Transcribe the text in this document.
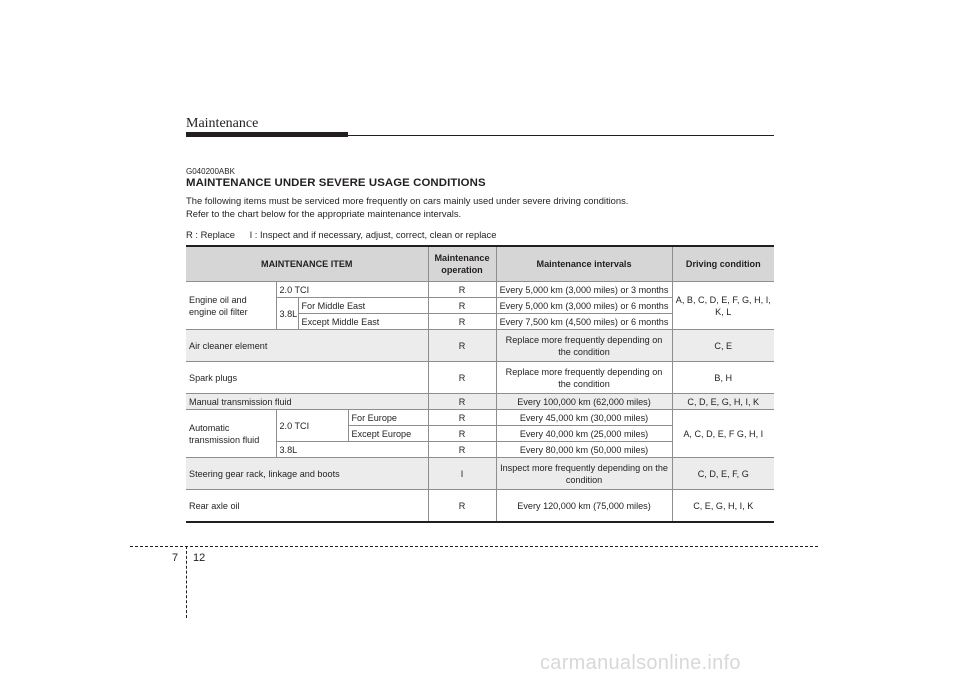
Maintenance
G040200ABK
MAINTENANCE UNDER SEVERE USAGE CONDITIONS
The following items must be serviced more frequently on cars mainly used under severe driving conditions.
Refer to the chart below for the appropriate maintenance intervals.
R : Replace I : Inspect and if necessary, adjust, correct, clean or replace
MAINTENANCE ITEM				Maintenance operation	Maintenance intervals	Driving condition
Engine oil and engine oil filter	2.0 TCI			R	Every 5,000 km (3,000 miles) or 3 months	A, B, C, D, E, F, G, H, I, K, L
	3.8L	For Middle East		R	Every 5,000 km (3,000 miles) or 6 months	
		Except Middle East		R	Every 7,500 km (4,500 miles) or 6 months	
Air cleaner element				R	Replace more frequently depending on the condition	C, E
Spark plugs				R	Replace more frequently depending on the condition	B, H
Manual transmission fluid				R	Every 100,000 km (62,000 miles)	C, D, E, G, H, I, K
Automatic transmission fluid	2.0 TCI		For Europe	R	Every 45,000 km (30,000 miles)	A, C, D, E, F G, H, I
			Except Europe	R	Every 40,000 km (25,000 miles)	
	3.8L			R	Every 80,000 km (50,000 miles)	
Steering gear rack, linkage and boots				I	Inspect more frequently depending on the condition	C, D, E, F, G
Rear axle oil				R	Every 120,000 km (75,000 miles)	C, E, G, H, I, K
7 12
carmanualsonline.info
